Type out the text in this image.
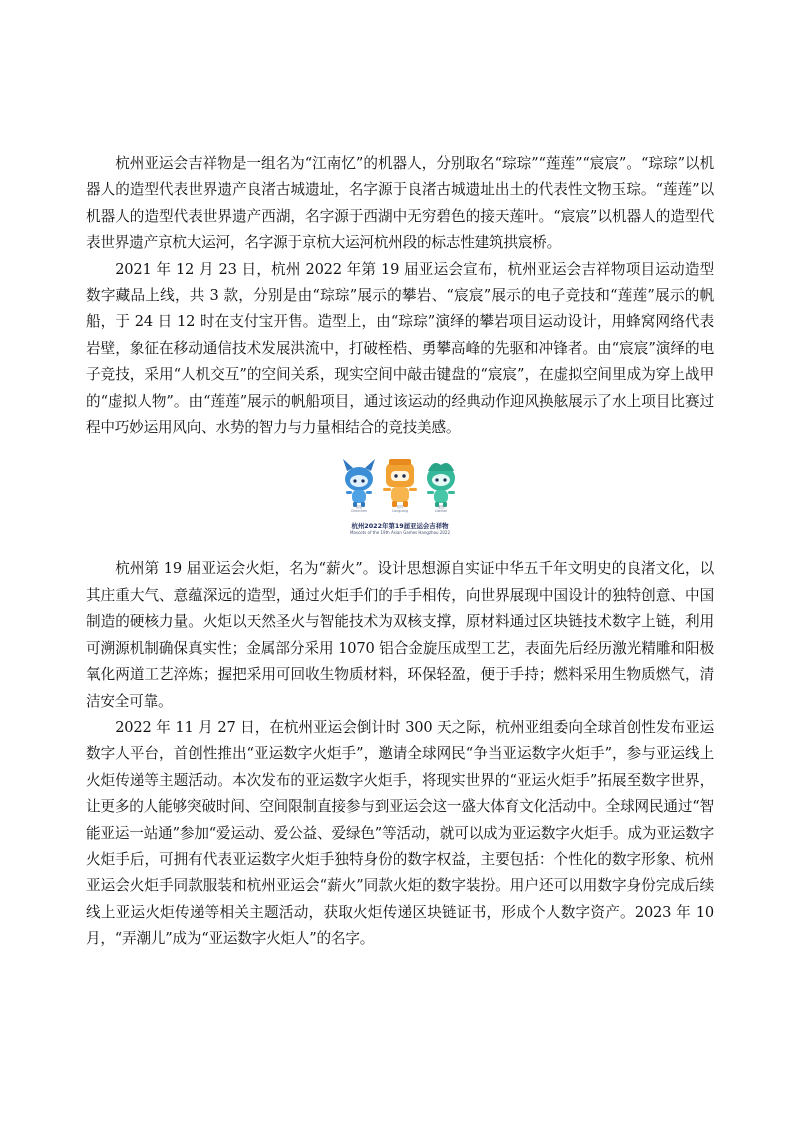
杭州亚运会吉祥物是一组名为“江南忆”的机器人，分别取名“琮琮”“莲莲”“宸宸”。“琮琮”以机器人的造型代表世界遗产良渚古城遗址，名字源于良渚古城遗址出土的代表性文物玉琮。“莲莲”以机器人的造型代表世界遗产西湖，名字源于西湖中无穷碧色的接天莲叶。“宸宸”以机器人的造型代表世界遗产京杭大运河，名字源于京杭大运河杭州段的标志性建筑拱宸桥。

2021 年 12 月 23 日，杭州 2022 年第 19 届亚运会宣布，杭州亚运会吉祥物项目运动造型数字藏品上线，共 3 款，分别是由“琮琮”展示的攀岩、“宸宸”展示的电子竞技和“莲莲”展示的帆船，于 24 日 12 时在支付宝开售。造型上，由“琮琮”演绎的攀岩项目运动设计，用蜂窝网络代表岩壁，象征在移动通信技术发展洪流中，打破桎梏、勇攀高峰的先驱和冲锋者。由“宸宸”演绎的电子竞技，采用“人机交互”的空间关系，现实空间中敲击键盘的“宸宸”，在虚拟空间里成为穿上战甲的“虚拟人物”。由“莲莲”展示的帆船项目，通过该运动的经典动作迎风换舷展示了水上项目比赛过程中巧妙运用风向、水势的智力与力量相结合的竞技美感。

宸宸
Chenchen
琮琮
Congcong
莲莲
Lianlian
杭州2022年第19届亚运会吉祥物
Mascots of the 19th Asian Games Hangzhou 2022

杭州第 19 届亚运会火炬，名为“薪火”。设计思想源自实证中华五千年文明史的良渚文化，以其庄重大气、意蕴深远的造型，通过火炬手们的手手相传，向世界展现中国设计的独特创意、中国制造的硬核力量。火炬以天然圣火与智能技术为双核支撑，原材料通过区块链技术数字上链，利用可溯源机制确保真实性；金属部分采用 1070 铝合金旋压成型工艺，表面先后经历激光精雕和阳极氧化两道工艺淬炼；握把采用可回收生物质材料，环保轻盈，便于手持；燃料采用生物质燃气，清洁安全可靠。

2022 年 11 月 27 日，在杭州亚运会倒计时 300 天之际，杭州亚组委向全球首创性发布亚运数字人平台，首创性推出“亚运数字火炬手”，邀请全球网民“争当亚运数字火炬手”，参与亚运线上火炬传递等主题活动。本次发布的亚运数字火炬手，将现实世界的“亚运火炬手”拓展至数字世界，让更多的人能够突破时间、空间限制直接参与到亚运会这一盛大体育文化活动中。全球网民通过“智能亚运一站通”参加“爱运动、爱公益、爱绿色”等活动，就可以成为亚运数字火炬手。成为亚运数字火炬手后，可拥有代表亚运数字火炬手独特身份的数字权益，主要包括：个性化的数字形象、杭州亚运会火炬手同款服装和杭州亚运会“薪火”同款火炬的数字装扮。用户还可以用数字身份完成后续线上亚运火炬传递等相关主题活动，获取火炬传递区块链证书，形成个人数字资产。2023 年 10 月，“弄潮儿”成为“亚运数字火炬人”的名字。
